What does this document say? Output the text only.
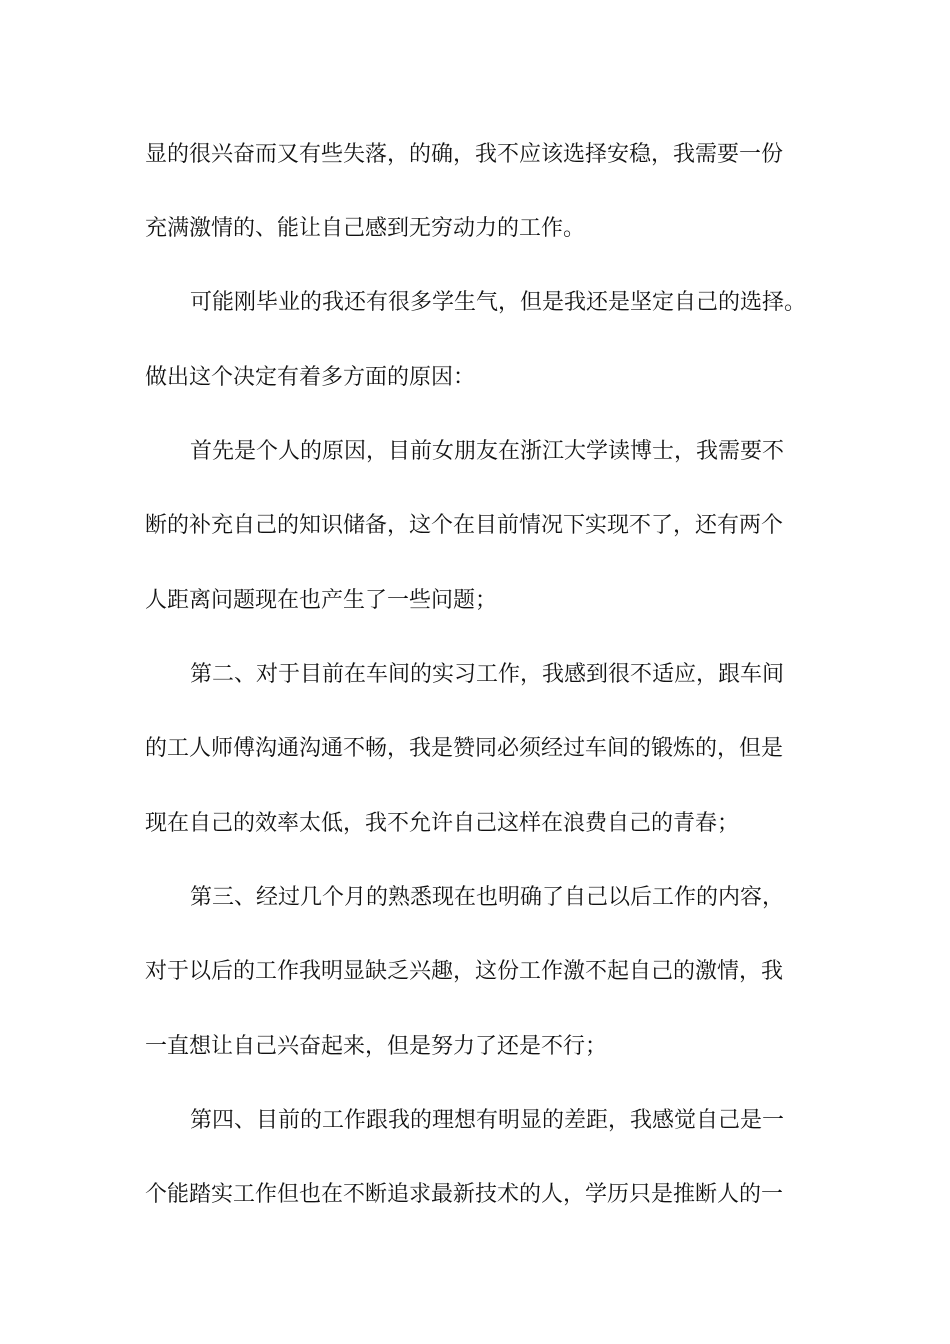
显的很兴奋而又有些失落，的确，我不应该选择安稳，我需要一份
充满激情的、能让自己感到无穷动力的工作。
可能刚毕业的我还有很多学生气，但是我还是坚定自己的选择。
做出这个决定有着多方面的原因：
首先是个人的原因，目前女朋友在浙江大学读博士，我需要不
断的补充自己的知识储备，这个在目前情况下实现不了，还有两个
人距离问题现在也产生了一些问题；
第二、对于目前在车间的实习工作，我感到很不适应，跟车间
的工人师傅沟通沟通不畅，我是赞同必须经过车间的锻炼的，但是
现在自己的效率太低，我不允许自己这样在浪费自己的青春；
第三、经过几个月的熟悉现在也明确了自己以后工作的内容，
对于以后的工作我明显缺乏兴趣，这份工作激不起自己的激情，我
一直想让自己兴奋起来，但是努力了还是不行；
第四、目前的工作跟我的理想有明显的差距，我感觉自己是一
个能踏实工作但也在不断追求最新技术的人，学历只是推断人的一
